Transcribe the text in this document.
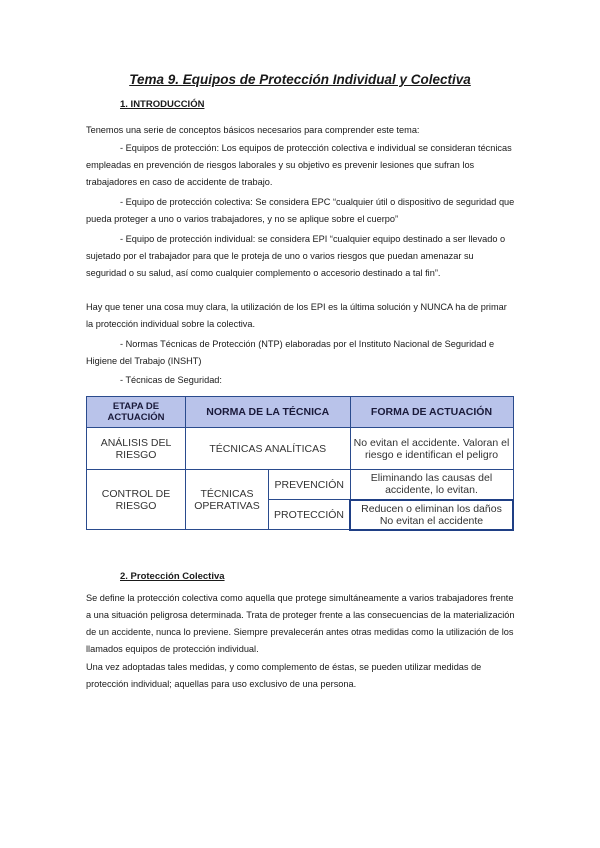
Tema 9. Equipos de Protección Individual y Colectiva
1. INTRODUCCIÓN
Tenemos una serie de conceptos básicos necesarios para comprender este tema:
- Equipos de protección: Los equipos de protección colectiva e individual se consideran técnicas empleadas en prevención de riesgos laborales y su objetivo es prevenir lesiones que sufran los trabajadores en caso de accidente de trabajo.
- Equipo de protección colectiva: Se considera EPC “cualquier útil o dispositivo de seguridad que pueda proteger a uno o varios trabajadores, y no se aplique sobre el cuerpo”
- Equipo de protección individual: se considera EPI “cualquier equipo destinado a ser llevado o sujetado por el trabajador para que le proteja de uno o varios riesgos que puedan amenazar su seguridad o su salud, así como cualquier complemento o accesorio destinado a tal fin”.
Hay que tener una cosa muy clara, la utilización de los EPI es la última solución y NUNCA ha de primar la protección individual sobre la colectiva.
- Normas Técnicas de Protección (NTP) elaboradas por el Instituto Nacional de Seguridad e Higiene del Trabajo (INSHT)
- Técnicas de Seguridad:
ETAPA DE ACTUACIÓN	NORMA DE LA TÉCNICA		FORMA DE ACTUACIÓN
ANÁLISIS DEL RIESGO	TÉCNICAS ANALÍTICAS		No evitan el accidente. Valoran el riesgo e identifican el peligro
CONTROL DE RIESGO	TÉCNICAS OPERATIVAS	PREVENCIÓN	Eliminando las causas del accidente, lo evitan.
		PROTECCIÓN	Reducen o eliminan los daños No evitan el accidente
2. Protección Colectiva
Se define la protección colectiva como aquella que protege simultáneamente a varios trabajadores frente a una situación peligrosa determinada. Trata de proteger frente a las consecuencias de la materialización de un accidente, nunca lo previene. Siempre prevalecerán antes otras medidas como la utilización de los llamados equipos de protección individual.
Una vez adoptadas tales medidas, y como complemento de éstas, se pueden utilizar medidas de protección individual; aquellas para uso exclusivo de una persona.
